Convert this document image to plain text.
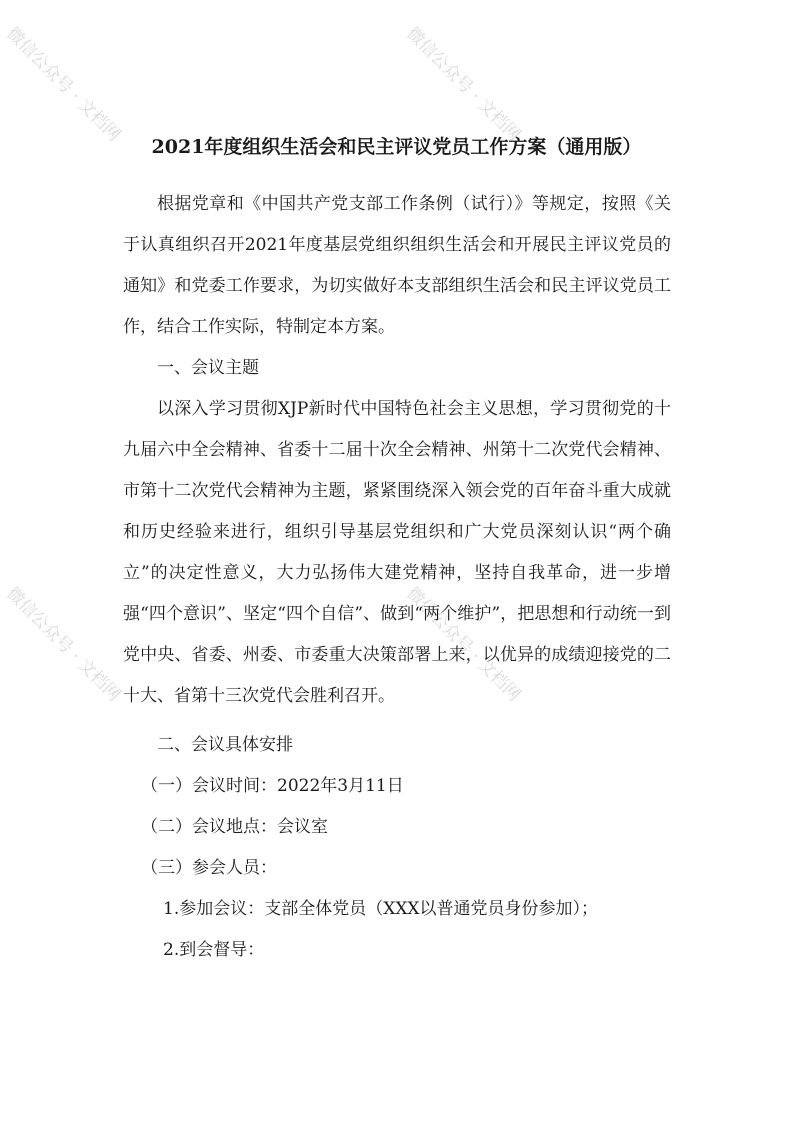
微信公众号 · 文档网	微信公众号 · 文档网
微信公众号 · 文档网	微信公众号 · 文档网
2021年度组织生活会和民主评议党员工作方案（通用版）

根据党章和《中国共产党支部工作条例（试行）》等规定，按照《关于认真组织召开2021年度基层党组织组织生活会和开展民主评议党员的通知》和党委工作要求，为切实做好本支部组织生活会和民主评议党员工作，结合工作实际，特制定本方案。

一、会议主题

以深入学习贯彻XJP新时代中国特色社会主义思想，学习贯彻党的十九届六中全会精神、省委十二届十次全会精神、州第十二次党代会精神、市第十二次党代会精神为主题，紧紧围绕深入领会党的百年奋斗重大成就和历史经验来进行，组织引导基层党组织和广大党员深刻认识“两个确立”的决定性意义，大力弘扬伟大建党精神，坚持自我革命，进一步增强“四个意识”、坚定“四个自信”、做到“两个维护”，把思想和行动统一到党中央、省委、州委、市委重大决策部署上来，以优异的成绩迎接党的二十大、省第十三次党代会胜利召开。

二、会议具体安排

（一）会议时间：2022年3月11日

（二）会议地点：会议室

（三）参会人员：

1.参加会议：支部全体党员（XXX以普通党员身份参加）；

2.到会督导：
